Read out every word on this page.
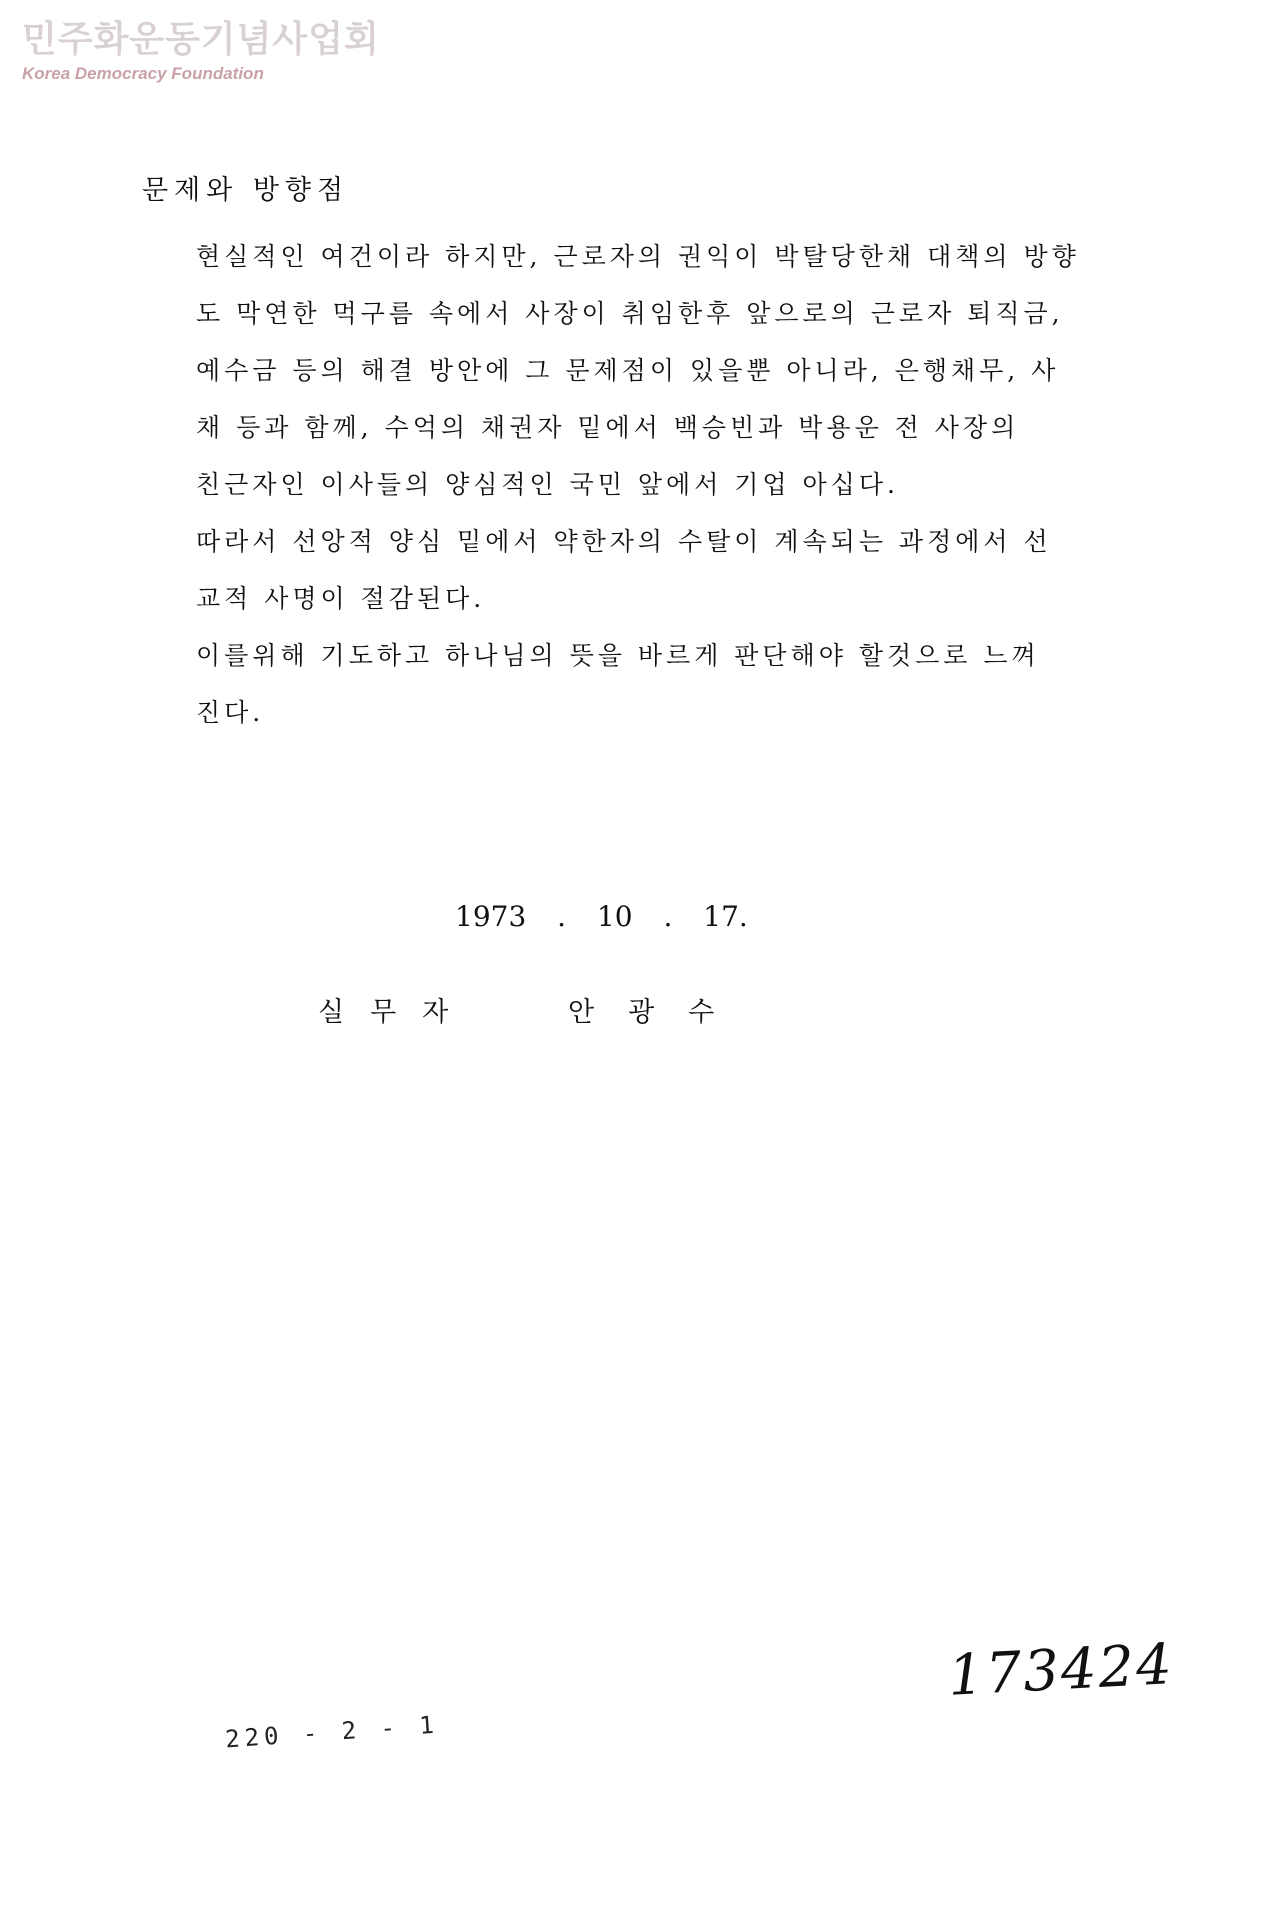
민주화운동기념사업회
Korea Democracy Foundation
문제와 방향점
현실적인 여건이라 하지만, 근로자의 권익이 박탈당한채 대책의 방향
도 막연한 먹구름 속에서 사장이 취임한후 앞으로의 근로자 퇴직금,
예수금 등의 해결 방안에 그 문제점이 있을뿐 아니라, 은행채무, 사
채 등과 함께, 수억의 채권자 밑에서 백승빈과 박용운 전 사장의
친근자인 이사들의 양심적인 국민 앞에서 기업 아십다.
따라서 선앙적 양심 밑에서 약한자의 수탈이 계속되는 과정에서 선
교적 사명이 절감된다.
이를위해 기도하고 하나님의 뜻을 바르게 판단해야 할것으로 느껴
진다.
1973 . 10 . 17.
실무자	안광수
173424
220 - 2 - 1
